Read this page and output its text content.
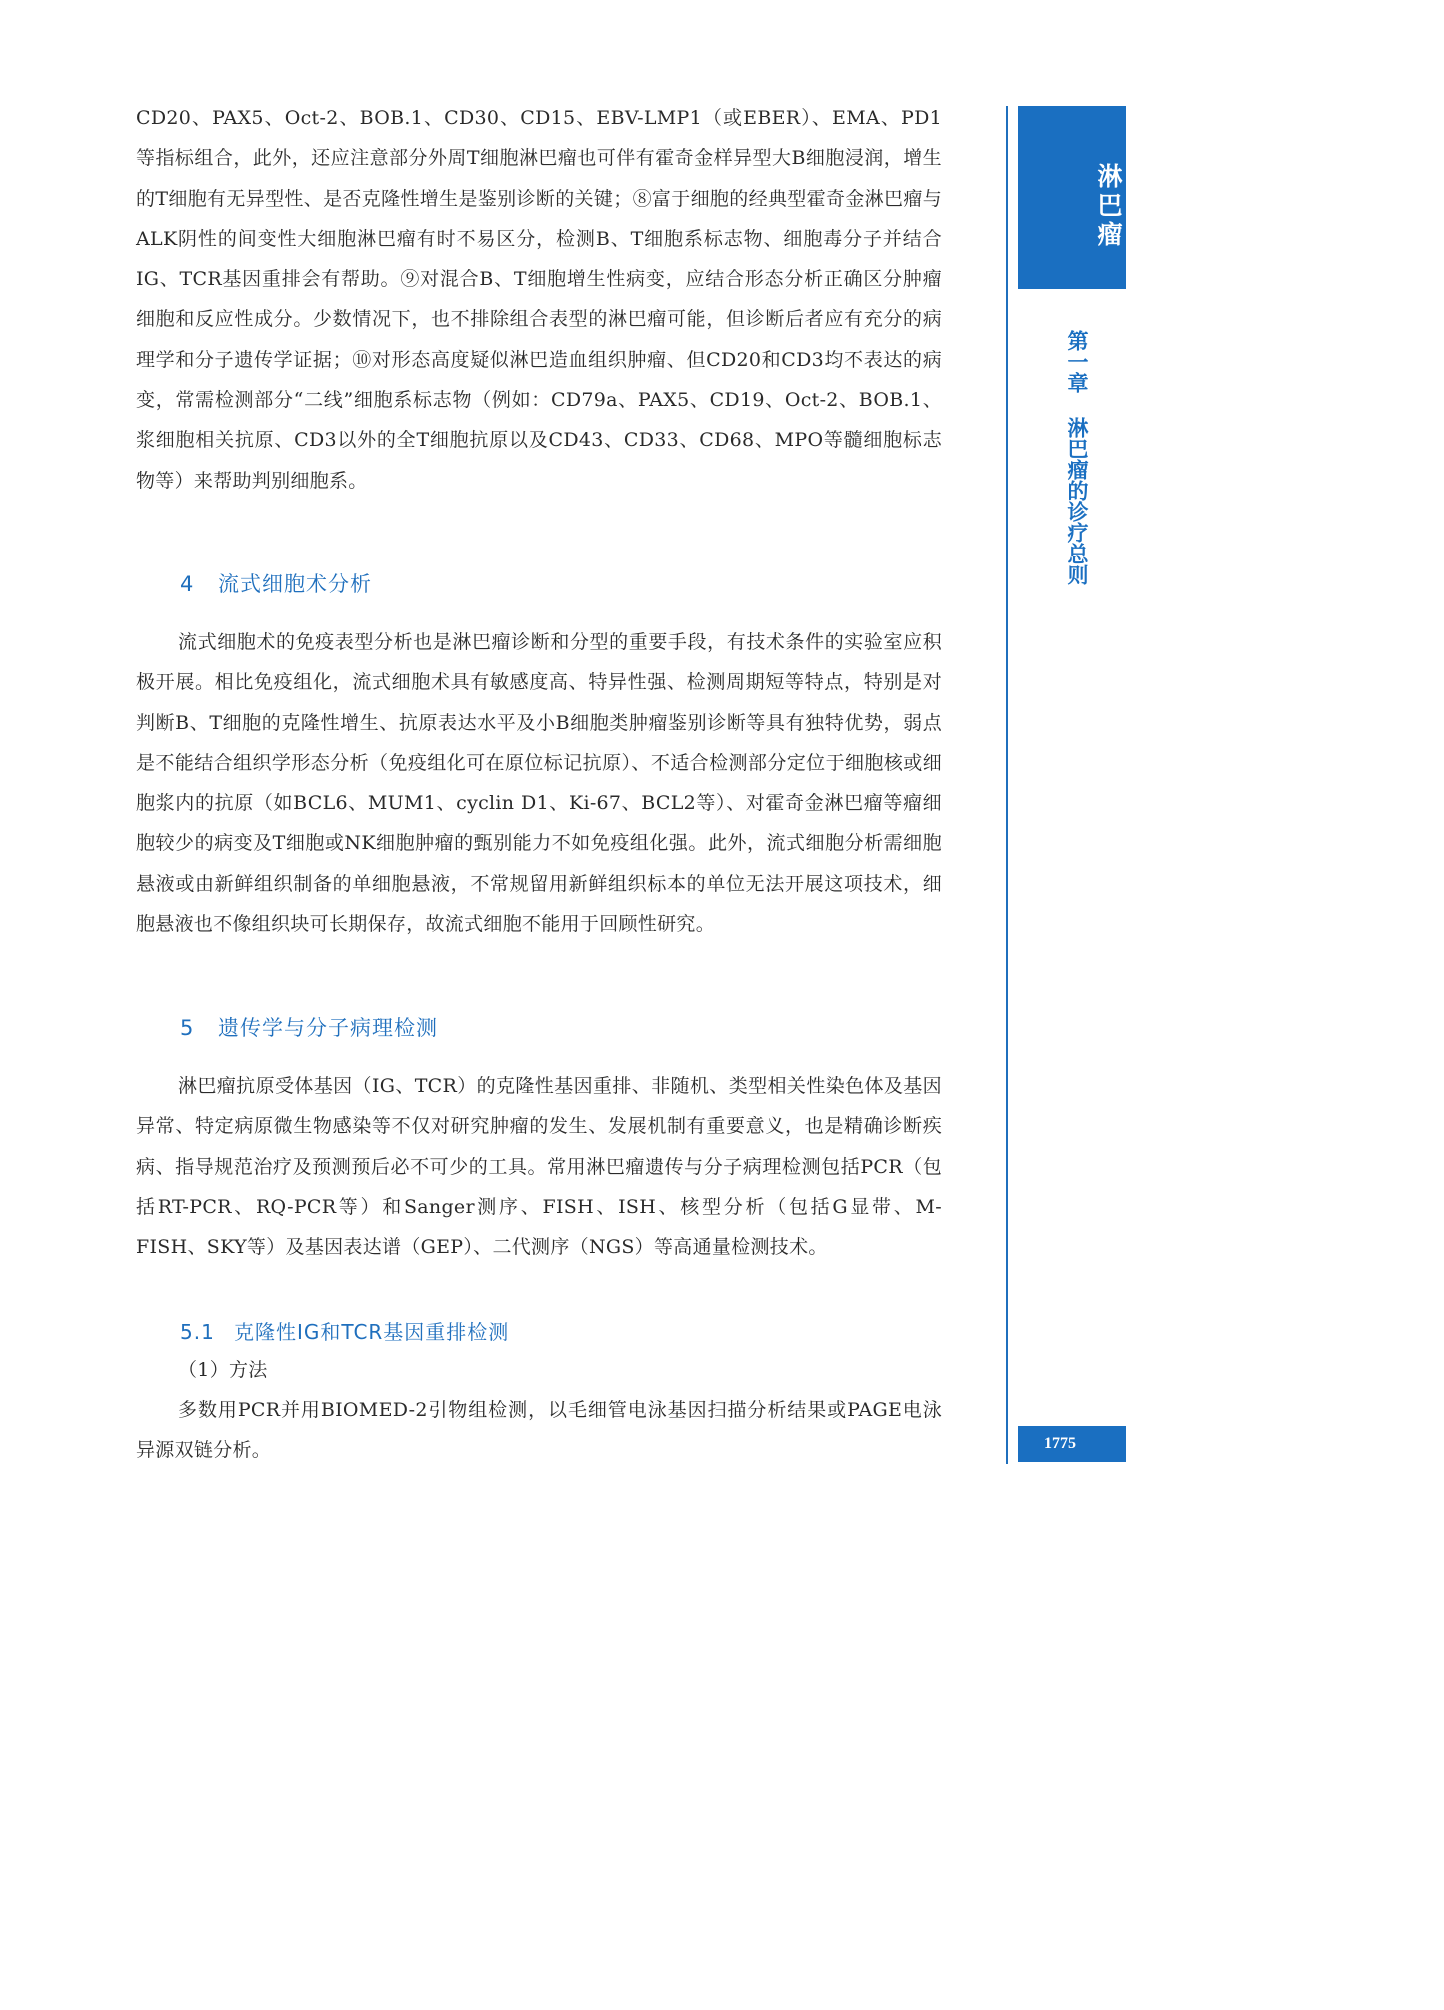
CD20、PAX5、Oct-2、BOB.1、CD30、CD15、EBV-LMP1（或EBER）、EMA、PD1等指标组合，此外，还应注意部分外周T细胞淋巴瘤也可伴有霍奇金样异型大B细胞浸润，增生的T细胞有无异型性、是否克隆性增生是鉴别诊断的关键；⑧富于细胞的经典型霍奇金淋巴瘤与ALK阴性的间变性大细胞淋巴瘤有时不易区分，检测B、T细胞系标志物、细胞毒分子并结合IG、TCR基因重排会有帮助。⑨对混合B、T细胞增生性病变，应结合形态分析正确区分肿瘤细胞和反应性成分。少数情况下，也不排除组合表型的淋巴瘤可能，但诊断后者应有充分的病理学和分子遗传学证据；⑩对形态高度疑似淋巴造血组织肿瘤、但CD20和CD3均不表达的病变，常需检测部分“二线”细胞系标志物（例如：CD79a、PAX5、CD19、Oct-2、BOB.1、浆细胞相关抗原、CD3以外的全T细胞抗原以及CD43、CD33、CD68、MPO等髓细胞标志物等）来帮助判别细胞系。
4 流式细胞术分析
流式细胞术的免疫表型分析也是淋巴瘤诊断和分型的重要手段，有技术条件的实验室应积极开展。相比免疫组化，流式细胞术具有敏感度高、特异性强、检测周期短等特点，特别是对判断B、T细胞的克隆性增生、抗原表达水平及小B细胞类肿瘤鉴别诊断等具有独特优势，弱点是不能结合组织学形态分析（免疫组化可在原位标记抗原）、不适合检测部分定位于细胞核或细胞浆内的抗原（如BCL6、MUM1、cyclin D1、Ki-67、BCL2等）、对霍奇金淋巴瘤等瘤细胞较少的病变及T细胞或NK细胞肿瘤的甄别能力不如免疫组化强。此外，流式细胞分析需细胞悬液或由新鲜组织制备的单细胞悬液，不常规留用新鲜组织标本的单位无法开展这项技术，细胞悬液也不像组织块可长期保存，故流式细胞不能用于回顾性研究。
5 遗传学与分子病理检测
淋巴瘤抗原受体基因（IG、TCR）的克隆性基因重排、非随机、类型相关性染色体及基因异常、特定病原微生物感染等不仅对研究肿瘤的发生、发展机制有重要意义，也是精确诊断疾病、指导规范治疗及预测预后必不可少的工具。常用淋巴瘤遗传与分子病理检测包括PCR（包括RT-PCR、RQ-PCR等）和Sanger测序、FISH、ISH、核型分析（包括G显带、M-FISH、SKY等）及基因表达谱（GEP）、二代测序（NGS）等高通量检测技术。
5.1 克隆性IG和TCR基因重排检测
（1）方法
多数用PCR并用BIOMED-2引物组检测，以毛细管电泳基因扫描分析结果或PAGE电泳异源双链分析。
淋巴瘤
第一章 淋巴瘤的诊疗总则
1775
